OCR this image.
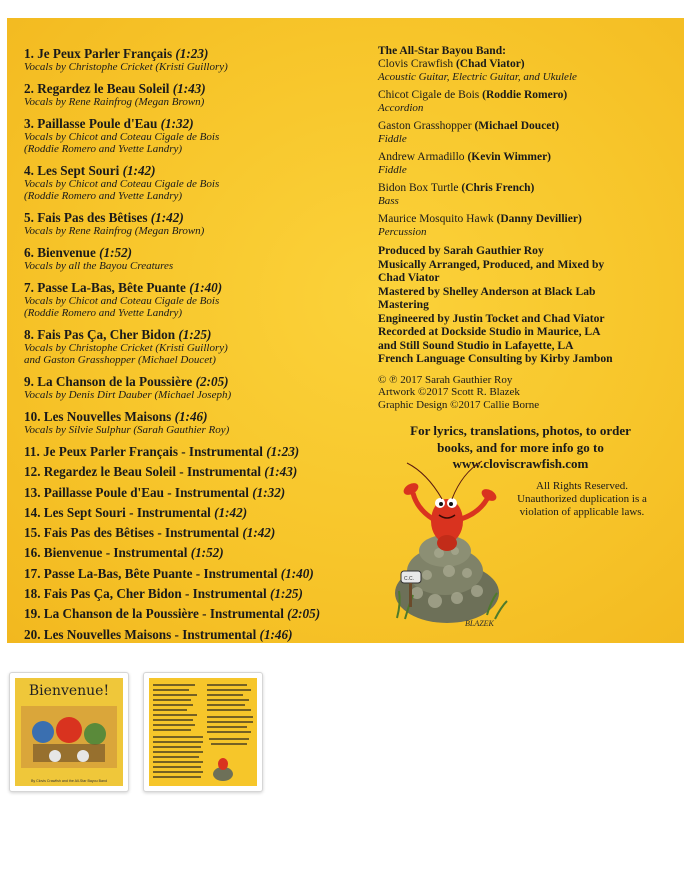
1. Je Peux Parler Français (1:23)
Vocals by Christophe Cricket (Kristi Guillory)
2. Regardez le Beau Soleil (1:43)
Vocals by Rene Rainfrog (Megan Brown)
3. Paillasse Poule d'Eau (1:32)
Vocals by Chicot and Coteau Cigale de Bois
(Roddie Romero and Yvette Landry)
4. Les Sept Souri (1:42)
Vocals by Chicot and Coteau Cigale de Bois
(Roddie Romero and Yvette Landry)
5. Fais Pas des Bêtises (1:42)
Vocals by Rene Rainfrog (Megan Brown)
6. Bienvenue (1:52)
Vocals by all the Bayou Creatures
7. Passe La-Bas, Bête Puante (1:40)
Vocals by Chicot and Coteau Cigale de Bois
(Roddie Romero and Yvette Landry)
8. Fais Pas Ça, Cher Bidon (1:25)
Vocals by Christophe Cricket (Kristi Guillory)
and Gaston Grasshopper (Michael Doucet)
9. La Chanson de la Poussière (2:05)
Vocals by Denis Dirt Dauber (Michael Joseph)
10. Les Nouvelles Maisons (1:46)
Vocals by Silvie Sulphur (Sarah Gauthier Roy)
11. Je Peux Parler Français - Instrumental (1:23)
12. Regardez le Beau Soleil - Instrumental (1:43)
13. Paillasse Poule d'Eau - Instrumental (1:32)
14. Les Sept Souri - Instrumental (1:42)
15. Fais Pas des Bêtises - Instrumental (1:42)
16. Bienvenue - Instrumental (1:52)
17. Passe La-Bas, Bête Puante - Instrumental (1:40)
18. Fais Pas Ça, Cher Bidon - Instrumental (1:25)
19. La Chanson de la Poussière - Instrumental (2:05)
20. Les Nouvelles Maisons - Instrumental (1:46)
The All-Star Bayou Band:
Clovis Crawfish (Chad Viator)
Acoustic Guitar, Electric Guitar, and Ukulele
Chicot Cigale de Bois (Roddie Romero)
Accordion
Gaston Grasshopper (Michael Doucet)
Fiddle
Andrew Armadillo (Kevin Wimmer)
Fiddle
Bidon Box Turtle (Chris French)
Bass
Maurice Mosquito Hawk (Danny Devillier)
Percussion
Produced by Sarah Gauthier Roy
Musically Arranged, Produced, and Mixed by
Chad Viator
Mastered by Shelley Anderson at Black Lab
Mastering
Engineered by Justin Tocket and Chad Viator
Recorded at Dockside Studio in Maurice, LA
and Still Sound Studio in Lafayette, LA
French Language Consulting by Kirby Jambon
© ℗ 2017 Sarah Gauthier Roy
Artwork ©2017 Scott R. Blazek
Graphic Design ©2017 Callie Borne
For lyrics, translations, photos, to order
books, and for more info go to
www.cloviscrawfish.com
All Rights Reserved.
Unauthorized duplication is a
violation of applicable laws.
C.C.
BLAZEK
Bienvenue!
By Clovis Crawfish and the All-Star Bayou Band
